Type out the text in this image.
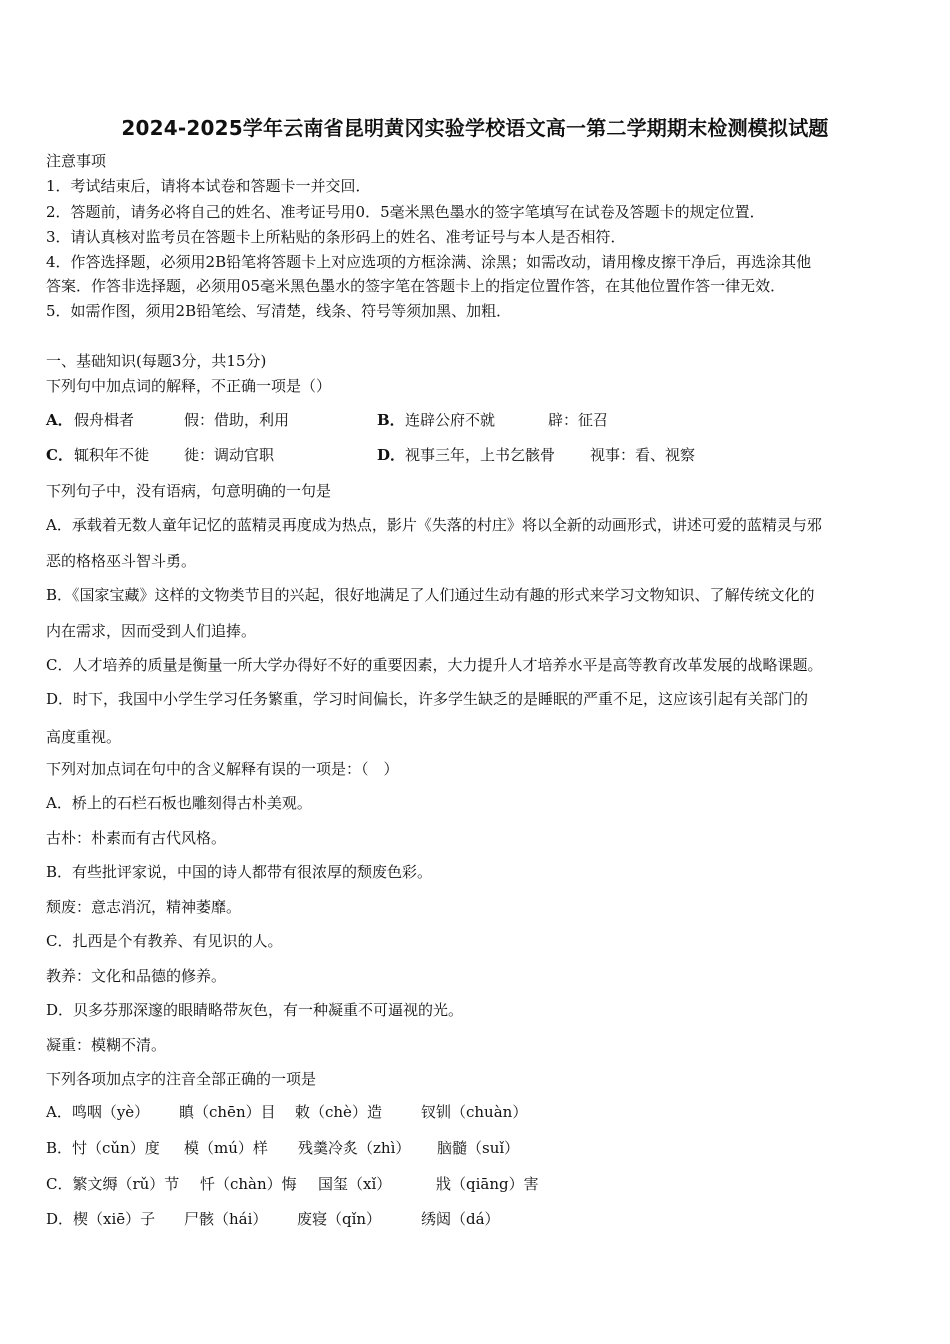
2024-2025学年云南省昆明黄冈实验学校语文高一第二学期期末检测模拟试题
注意事项
1．考试结束后，请将本试卷和答题卡一并交回．
2．答题前，请务必将自己的姓名、准考证号用0．5毫米黑色墨水的签字笔填写在试卷及答题卡的规定位置．
3．请认真核对监考员在答题卡上所粘贴的条形码上的姓名、准考证号与本人是否相符．
4．作答选择题，必须用2B铅笔将答题卡上对应选项的方框涂满、涂黑；如需改动，请用橡皮擦干净后，再选涂其他
答案．作答非选择题，必须用05毫米黑色墨水的签字笔在答题卡上的指定位置作答，在其他位置作答一律无效．
5．如需作图，须用2B铅笔绘、写清楚，线条、符号等须加黑、加粗．
一、基础知识(每题3分，共15分)
下列句中加点词的解释，不正确一项是（）
A． 假舟楫者	假：借助，利用	B． 连辟公府不就	辟：征召
C． 辄积年不徙 徙：调动官职	D． 视事三年，上书乞骸骨 视事：看、视察
下列句子中，没有语病，句意明确的一句是
A．承载着无数人童年记忆的蓝精灵再度成为热点，影片《失落的村庄》将以全新的动画形式，讲述可爱的蓝精灵与邪
恶的格格巫斗智斗勇。
B．《国家宝藏》这样的文物类节目的兴起，很好地满足了人们通过生动有趣的形式来学习文物知识、了解传统文化的
内在需求，因而受到人们追捧。
C．人才培养的质量是衡量一所大学办得好不好的重要因素，大力提升人才培养水平是高等教育改革发展的战略课题。
D．时下，我国中小学生学习任务繁重，学习时间偏长，许多学生缺乏的是睡眠的严重不足，这应该引起有关部门的
高度重视。
下列对加点词在句中的含义解释有误的一项是：（　）
A．桥上的石栏石板也雕刻得古朴美观。
古朴：朴素而有古代风格。
B．有些批评家说，中国的诗人都带有很浓厚的颓废色彩。
颓废：意志消沉，精神萎靡。
C．扎西是个有教养、有见识的人。
教养：文化和品德的修养。
D．贝多芬那深邃的眼睛略带灰色，有一种凝重不可逼视的光。
凝重：模糊不清。
下列各项加点字的注音全部正确的一项是
A．鸣咽（yè） 瞋（chēn）目 敕（chè）造	钗钏（chuàn）
B．忖（cǔn）度 模（mú）样 残羹冷炙（zhì） 脑髓（suǐ）
C．繁文缛（rǔ）节 忏（chàn）悔 国玺（xǐ）	戕（qiāng）害
D．楔（xiē）子 尸骸（hái） 废寝（qǐn）	绣闼（dá）
